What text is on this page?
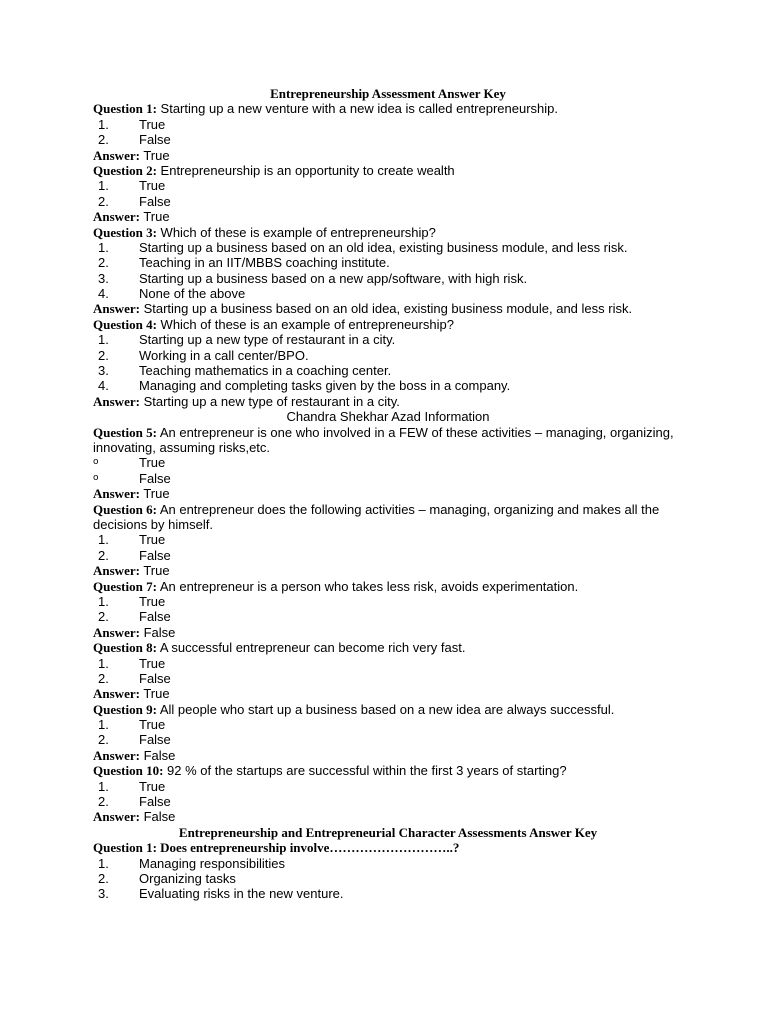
Entrepreneurship Assessment Answer Key
Question 1: Starting up a new venture with a new idea is called entrepreneurship.
1.	True
2.	False
Answer: True
Question 2: Entrepreneurship is an opportunity to create wealth
1.	True
2.	False
Answer: True
Question 3: Which of these is example of entrepreneurship?
1.	Starting up a business based on an old idea, existing business module, and less risk.
2.	Teaching in an IIT/MBBS coaching institute.
3.	Starting up a business based on a new app/software, with high risk.
4.	None of the above
Answer: Starting up a business based on an old idea, existing business module, and less risk.
Question 4: Which of these is an example of entrepreneurship?
1.	Starting up a new type of restaurant in a city.
2.	Working in a call center/BPO.
3.	Teaching mathematics in a coaching center.
4.	Managing and completing tasks given by the boss in a company.
Answer: Starting up a new type of restaurant in a city.
Chandra Shekhar Azad Information
Question 5: An entrepreneur is one who involved in a FEW of these activities – managing, organizing, innovating, assuming risks,etc.
o	True
o	False
Answer: True
Question 6: An entrepreneur does the following activities – managing, organizing and makes all the decisions by himself.
1.	True
2.	False
Answer: True
Question 7: An entrepreneur is a person who takes less risk, avoids experimentation.
1.	True
2.	False
Answer: False
Question 8: A successful entrepreneur can become rich very fast.
1.	True
2.	False
Answer: True
Question 9: All people who start up a business based on a new idea are always successful.
1.	True
2.	False
Answer: False
Question 10: 92 % of the startups are successful within the first 3 years of starting?
1.	True
2.	False
Answer: False
Entrepreneurship and Entrepreneurial Character Assessments Answer Key
Question 1: Does entrepreneurship involve………………………..?
1.	Managing responsibilities
2.	Organizing tasks
3.	Evaluating risks in the new venture.
